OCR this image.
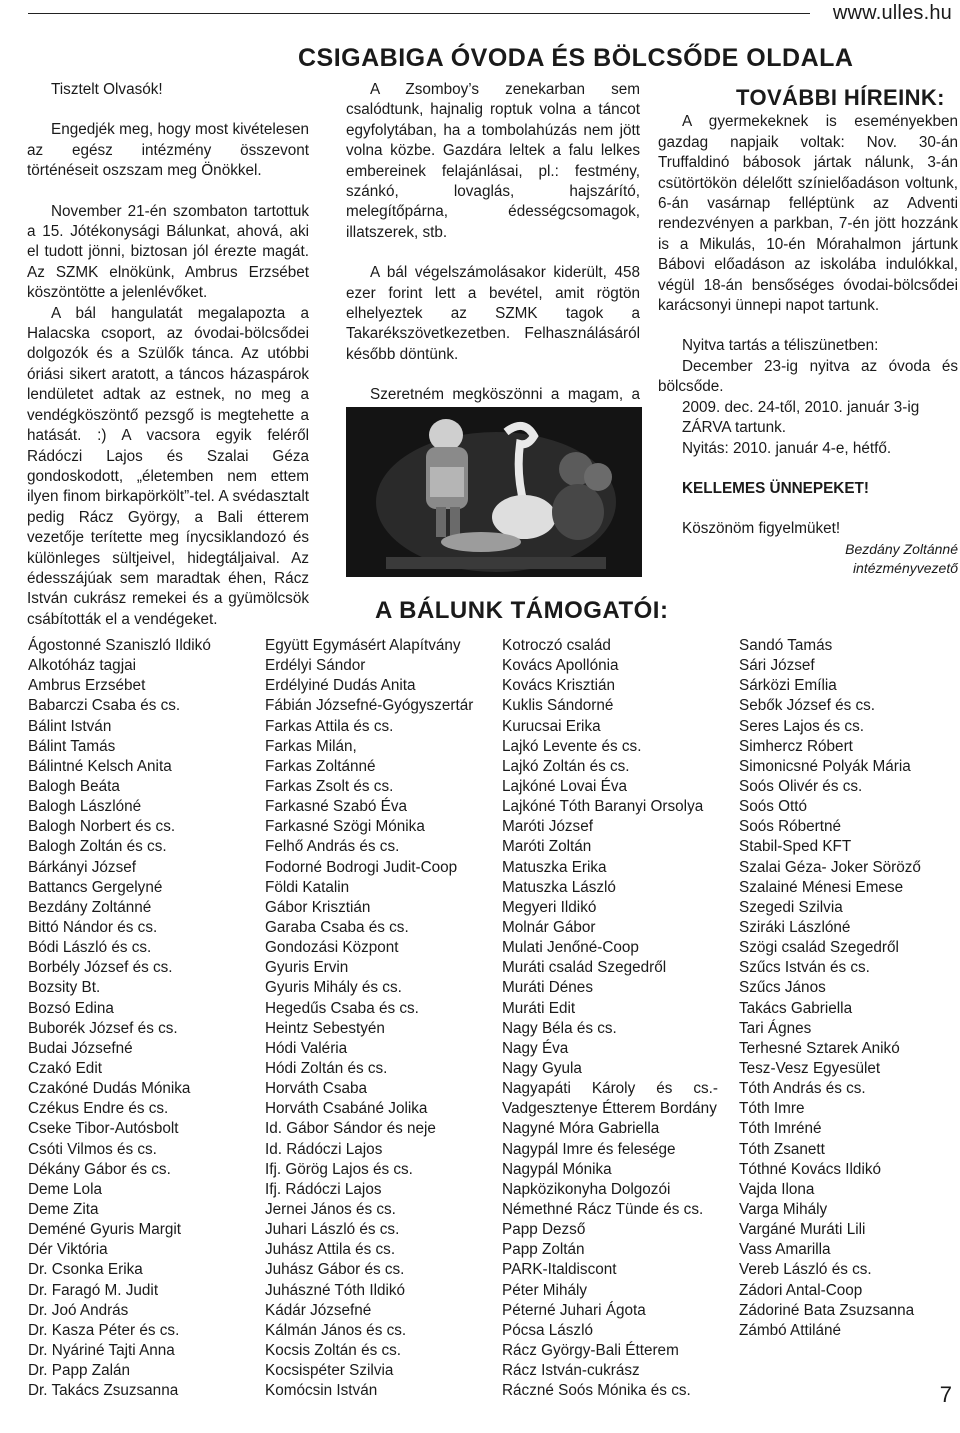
www.ulles.hu
CSIGABIGA ÓVODA ÉS BÖLCSŐDE OLDALA

Tisztelt Olvasók!

Engedjék meg, hogy most kivételesen az egész intézmény összevont történéseit oszszam meg Önökkel.

November 21-én szombaton tartottuk a 15. Jótékonysági Bálunkat, ahová, aki el tudott jönni, biztosan jól érezte magát. Az SZMK elnökünk, Ambrus Erzsébet köszöntötte a jelenlévőket.

A bál hangulatát megalapozta a Halacska csoport, az óvodai-bölcsődei dolgozók és a Szülők tánca. Az utóbbi óriási sikert aratott, a táncos házaspárok lendületet adtak az estnek, no meg a vendégköszöntő pezsgő is megtehette a hatását. :) A vacsora egyik feléről Rádóczi Lajos és Szalai Géza gondoskodott, „életemben nem ettem ilyen finom birkapörkölt”-tel. A svédasztalt pedig Rácz György, a Bali étterem vezetője terítette meg ínycsiklandozó és különleges sültjeivel, hidegtáljaival. Az édesszájúak sem maradtak éhen, Rácz István cukrász remekei és a gyümölcsök csábították el a vendégeket.

A Zsomboy’s zenekarban sem csalódtunk, hajnalig roptuk volna a táncot egyfolytában, ha a tombolahúzás nem jött volna közbe. Gazdára leltek a falu lelkes embereinek felajánlásai, pl.: festmény, szánkó, lovaglás, hajszárító, melegítőpárna, édességcsomagok, illatszerek, stb.

A bál végelszámolásakor kiderült, 458 ezer forint lett a bevétel, amit rögtön elhelyeztek az SZMK tagok a Takarékszövetkezetben. Felhasználásáról később döntünk.

Szeretném megköszönni a magam, a

TOVÁBBI HÍREINK:

A gyermekeknek is eseményekben gazdag napjaik voltak: Nov. 30-án Truffaldinó bábosok jártak nálunk, 3-án csütörtökön délelőtt színielőadáson voltunk, 6-án vasárnap felléptünk az Adventi rendezvényen a parkban, 7-én jött hozzánk is a Mikulás, 10-én Mórahalmon jártunk Bábovi előadáson az iskolába indulókkal, végül 18-án bensőséges óvodai-bölcsődei karácsonyi ünnepi napot tartunk.

Nyitva tartás a téliszünetben:

December 23-ig nyitva az óvoda és bölcsőde.

2009. dec. 24-től, 2010. január 3-ig

ZÁRVA tartunk.

Nyitás: 2010. január 4-e, hétfő.

KELLEMES ÜNNEPEKET!

Köszönöm figyelmüket!

Bezdány Zoltánné

intézményvezető

A BÁLUNK TÁMOGATÓI:
Ágostonné Szaniszló Ildikó
Alkotóház tagjai
Ambrus Erzsébet
Babarczi Csaba és cs.
Bálint István
Bálint Tamás
Bálintné Kelsch Anita
Balogh Beáta
Balogh Lászlóné
Balogh Norbert és cs.
Balogh Zoltán és cs.
Bárkányi József
Battancs Gergelyné
Bezdány Zoltánné
Bittó Nándor és cs.
Bódi László és cs.
Borbély József és cs.
Bozsity Bt.
Bozsó Edina
Buborék József és cs.
Budai Józsefné
Czakó Edit
Czakóné Dudás Mónika
Czékus Endre és cs.
Cseke Tibor-Autósbolt
Csóti Vilmos és cs.
Dékány Gábor és cs.
Deme Lola
Deme Zita
Deméné Gyuris Margit
Dér Viktória
Dr. Csonka Erika
Dr. Faragó M. Judit
Dr. Joó András
Dr. Kasza Péter és cs.
Dr. Nyáriné Tajti Anna
Dr. Papp Zalán
Dr. Takács Zsuzsanna
Együtt Egymásért Alapítvány
Erdélyi Sándor
Erdélyiné Dudás Anita
Fábián Józsefné-Gyógyszertár
Farkas Attila és cs.
Farkas Milán,
Farkas Zoltánné
Farkas Zsolt és cs.
Farkasné Szabó Éva
Farkasné Szögi Mónika
Felhő András és cs.
Fodorné Bodrogi Judit-Coop
Földi Katalin
Gábor Krisztián
Garaba Csaba és cs.
Gondozási Központ
Gyuris Ervin
Gyuris Mihály és cs.
Hegedűs Csaba és cs.
Heintz Sebestyén
Hódi Valéria
Hódi Zoltán és cs.
Horváth Csaba
Horváth Csabáné Jolika
Id. Gábor Sándor és neje
Id. Rádóczi Lajos
Ifj. Görög Lajos és cs.
Ifj. Rádóczi Lajos
Jernei János és cs.
Juhari László és cs.
Juhász Attila és cs.
Juhász Gábor és cs.
Juhászné Tóth Ildikó
Kádár Józsefné
Kálmán János és cs.
Kocsis Zoltán és cs.
Kocsispéter Szilvia
Komócsin István
Kotroczó család
Kovács Apollónia
Kovács Krisztián
Kuklis Sándorné
Kurucsai Erika
Lajkó Levente és cs.
Lajkó Zoltán és cs.
Lajkóné Lovai Éva
Lajkóné Tóth Baranyi Orsolya
Maróti József
Maróti Zoltán
Matuszka Erika
Matuszka László
Megyeri Ildikó
Molnár Gábor
Mulati Jenőné-Coop
Muráti család Szegedről
Muráti Dénes
Muráti Edit
Nagy Béla és cs.
Nagy Éva
Nagy Gyula
Nagyapáti Károly és cs.-
Vadgesztenye Étterem Bordány
Nagyné Móra Gabriella
Nagypál Imre és felesége
Nagypál Mónika
Napközikonyha Dolgozói
Némethné Rácz Tünde és cs.
Papp Dezső
Papp Zoltán
PARK-Italdiscont
Péter Mihály
Péterné Juhari Ágota
Pócsa László
Rácz György-Bali Étterem
Rácz István-cukrász
Ráczné Soós Mónika és cs.
Sandó Tamás
Sári József
Sárközi Emília
Sebők József és cs.
Seres Lajos és cs.
Simhercz Róbert
Simonicsné Polyák Mária
Soós Olivér és cs.
Soós Ottó
Soós Róbertné
Stabil-Sped KFT
Szalai Géza- Joker Söröző
Szalainé Ménesi Emese
Szegedi Szilvia
Sziráki Lászlóné
Szögi család Szegedről
Szűcs István és cs.
Szűcs János
Takács Gabriella
Tari Ágnes
Terhesné Sztarek Anikó
Tesz-Vesz Egyesület
Tóth András és cs.
Tóth Imre
Tóth Imréné
Tóth Zsanett
Tóthné Kovács Ildikó
Vajda Ilona
Varga Mihály
Vargáné Muráti Lili
Vass Amarilla
Vereb László és cs.
Zádori Antal-Coop
Zádoriné Bata Zsuzsanna
Zámbó Attiláné
7
